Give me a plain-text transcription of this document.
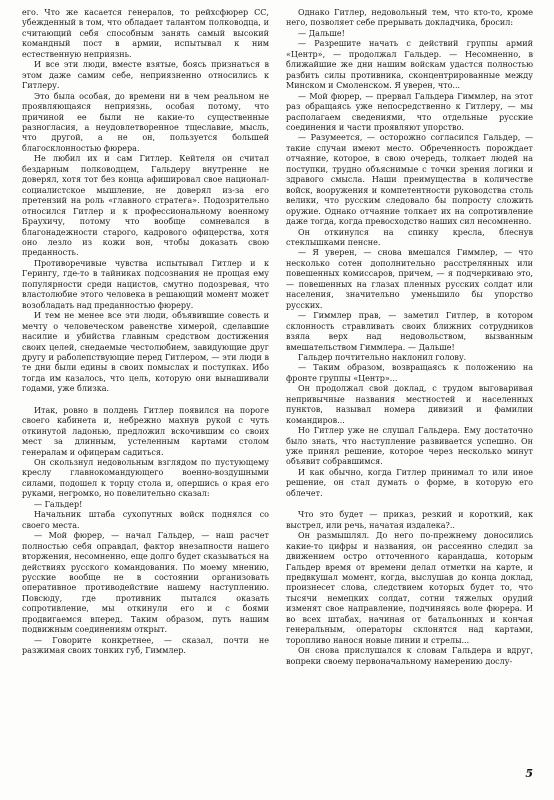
его. Что же касается генералов, то рейхсфюрер СС, убежденный в том, что обладает талантом полководца, и считающий себя способным занять самый высокий командный пост в армии, испытывал к ним естественную неприязнь.

И все эти люди, вместе взятые, боясь признаться в этом даже самим себе, неприязненно относились к Гитлеру.

Это была особая, до времени ни в чем реальном не проявляющаяся неприязнь, особая потому, что причиной ее были не какие-то существенные разногласия, а неудовлетворенное тщеславие, мысль, что другой, а не он, пользуется большей благосклонностью фюрера.

Не любил их и сам Гитлер. Кейтеля он считал бездарным полководцем, Гальдеру внутренне не доверял, хотя тот без конца афишировал свое национал-социалистское мышление, не доверял из-за его претензий на роль «главного стратега». Подозрительно относился Гитлер и к профессиональному военному Браухичу, потому что вообще сомневался в благонадежности старого, кадрового офицерства, хотя оно лезло из кожи вон, чтобы доказать свою преданность.

Противоречивые чувства испытывал Гитлер и к Герингу, где-то в тайниках подсознания не прощая ему популярности среди нацистов, смутно подозревая, что властолюбие этого человека в решающий момент может возобладать над преданностью фюреру.

И тем не менее все эти люди, объявившие совесть и мечту о человеческом равенстве химерой, сделавшие насилие и убийства главным средством достижения своих целей, снедаемые честолюбием, завидующие друг другу и раболепствующие перед Гитлером, — эти люди в те дни были едины в своих помыслах и поступках. Ибо тогда им казалось, что цель, которую они вынашивали годами, уже близка.

Итак, ровно в полдень Гитлер появился на пороге своего кабинета и, небрежно махнув рукой с чуть откинутой ладонью, предложил вскочившим со своих мест за длинным, устеленным картами столом генералам и офицерам садиться.

Он скользнул недовольным взглядом по пустующему креслу главнокомандующего военно-воздушными силами, подошел к торцу стола и, опершись о края его руками, негромко, но повелительно сказал:

— Гальдер!

Начальник штаба сухопутных войск поднялся со своего места.

— Мой фюрер, — начал Гальдер, — наш расчет полностью себя оправдал, фактор внезапности нашего вторжения, несомненно, еще долго будет сказываться на действиях русского командования. По моему мнению, русские вообще не в состоянии организовать оперативное противодействие нашему наступлению. Повсюду, где противник пытался оказать сопротивление, мы откинули его и с боями продвигаемся вперед. Таким образом, путь нашим подвижным соединениям открыт.

— Говорите конкретнее, — сказал, почти не разжимая своих тонких губ, Гиммлер.

Однако Гитлер, недовольный тем, что кто-то, кроме него, позволяет себе прерывать докладчика, бросил:

— Дальше!

— Разрешите начать с действий группы армий «Центр», — продолжал Гальдер. — Несомненно, в ближайшие же дни нашим войскам удастся полностью разбить силы противника, сконцентрированные между Минском и Смоленском. Я уверен, что...

— Мой фюрер, — прервал Гальдера Гиммлер, на этот раз обращаясь уже непосредственно к Гитлеру, — мы располагаем сведениями, что отдельные русские соединения и части проявляют упорство.

— Разумеется, — осторожно согласился Гальдер, — такие случаи имеют место. Обреченность порождает отчаяние, которое, в свою очередь, толкает людей на поступки, трудно объяснимые с точки зрения логики и здравого смысла. Наши преимущества в количестве войск, вооружения и компетентности руководства столь велики, что русским следовало бы попросту сложить оружие. Однако отчаяние толкает их на сопротивление даже тогда, когда превосходство наших сил несомненно.

Он откинулся на спинку кресла, блеснув стеклышками пенсне.

— Я уверен, — снова вмешался Гиммлер, — что несколько сотен дополнительно расстрелянных или повешенных комиссаров, причем, — я подчеркиваю это, — повешенных на глазах пленных русских солдат или населения, значительно уменьшило бы упорство русских.

— Гиммлер прав, — заметил Гитлер, в котором склонность стравливать своих ближних сотрудников взяла верх над недовольством, вызванным вмешательством Гиммлера. — Дальше!

Гальдер почтительно наклонил голову.

— Таким образом, возвращаясь к положению на фронте группы «Центр»...

Он продолжал свой доклад, с трудом выговаривая непривычные названия местностей и населенных пунктов, называл номера дивизий и фамилии командиров...

Но Гитлер уже не слушал Гальдера. Ему достаточно было знать, что наступление развивается успешно. Он уже принял решение, которое через несколько минут объявит собравшимся.

И как обычно, когда Гитлер принимал то или иное решение, он стал думать о форме, в которую его облечет.

Что это будет — приказ, резкий и короткий, как выстрел, или речь, начатая издалека?..

Он размышлял. До него по-прежнему доносились какие-то цифры и названия, он рассеянно следил за движением остро отточенного карандаша, которым Гальдер время от времени делал отметки на карте, и предвкушал момент, когда, выслушав до конца доклад, произнесет слова, следствием которых будет то, что тысячи немецких солдат, сотни тяжелых орудий изменят свое направление, подчиняясь воле фюрера. И во всех штабах, начиная от батальонных и кончая генеральным, операторы склонятся над картами, торопливо нанося новые линии и стрелы...

Он снова прислушался к словам Гальдера и вдруг, вопреки своему первоначальному намерению дослу-

5
